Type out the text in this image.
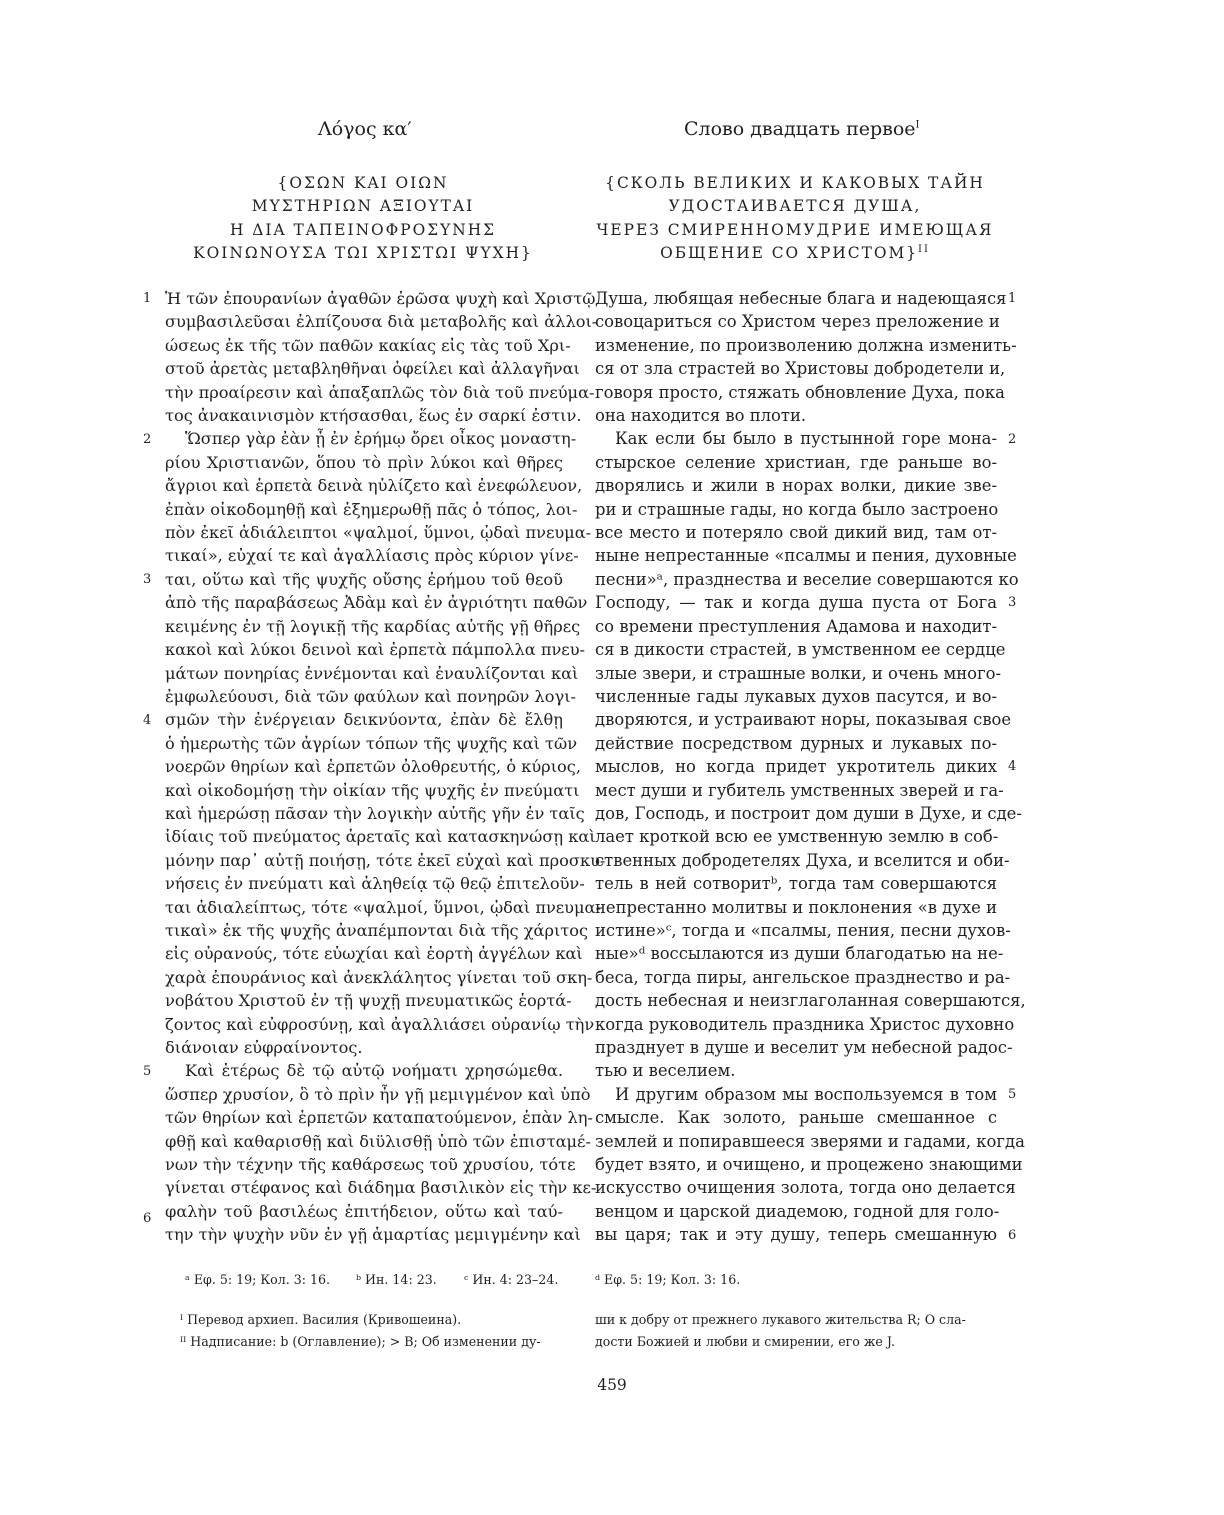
Λόγος κα′
{ΟΣΩΝ ΚΑΙ ΟΙΩΝ
ΜΥΣΤΗΡΙΩΝ ΑΞΙΟΥΤΑΙ
Η ΔΙΑ ΤΑΠΕΙΝΟΦΡΟΣΥΝΗΣ
ΚΟΙΝΩΝΟΥΣΑ ΤΩΙ ΧΡΙΣΤΩΙ ΨΥΧΗ}
Ἡ τῶν ἐπουρανίων ἀγαθῶν ἐρῶσα ψυχὴ καὶ Χριστῷ
συμβασιλεῦσαι ἐλπίζουσα διὰ μεταβολῆς καὶ ἀλλοι-
ώσεως ἐκ τῆς τῶν παθῶν κακίας εἰς τὰς τοῦ Χρι-
στοῦ ἀρετὰς μεταβληθῆναι ὀφείλει καὶ ἀλλαγῆναι
τὴν προαίρεσιν καὶ ἁπαξαπλῶς τὸν διὰ τοῦ πνεύμα-
τος ἀνακαινισμὸν κτήσασθαι, ἕως ἐν σαρκί ἐστιν.
Ὥσπερ γὰρ ἐὰν ᾖ ἐν ἐρήμῳ ὄρει οἶκος μοναστη-
ρίου Χριστιανῶν, ὅπου τὸ πρὶν λύκοι καὶ θῆρες
ἄγριοι καὶ ἑρπετὰ δεινὰ ηὐλίζετο καὶ ἐνεφώλευον,
ἐπὰν οἰκοδομηθῇ καὶ ἐξημερωθῇ πᾶς ὁ τόπος, λοι-
πὸν ἐκεῖ ἀδιάλειπτοι «ψαλμοί, ὕμνοι, ᾠδαὶ πνευμα-
τικαί», εὐχαί τε καὶ ἀγαλλίασις πρὸς κύριον γίνε-
ται, οὕτω καὶ τῆς ψυχῆς οὔσης ἐρήμου τοῦ θεοῦ
ἀπὸ τῆς παραβάσεως Ἀδὰμ καὶ ἐν ἀγριότητι παθῶν
κειμένης ἐν τῇ λογικῇ τῆς καρδίας αὐτῆς γῇ θῆρες
κακοὶ καὶ λύκοι δεινοὶ καὶ ἑρπετὰ πάμπολλα πνευ-
μάτων πονηρίας ἐννέμονται καὶ ἐναυλίζονται καὶ
ἐμφωλεύουσι, διὰ τῶν φαύλων καὶ πονηρῶν λογι-
σμῶν τὴν ἐνέργειαν δεικνύοντα, ἐπὰν δὲ ἔλθῃ
ὁ ἡμερωτὴς τῶν ἀγρίων τόπων τῆς ψυχῆς καὶ τῶν
νοερῶν θηρίων καὶ ἑρπετῶν ὀλοθρευτής, ὁ κύριος,
καὶ οἰκοδομήσῃ τὴν οἰκίαν τῆς ψυχῆς ἐν πνεύματι
καὶ ἡμερώσῃ πᾶσαν τὴν λογικὴν αὐτῆς γῆν ἐν ταῖς
ἰδίαις τοῦ πνεύματος ἀρεταῖς καὶ κατασκηνώσῃ καὶ
μόνην παρ᾽ αὐτῇ ποιήσῃ, τότε ἐκεῖ εὐχαὶ καὶ προσκυ-
νήσεις ἐν πνεύματι καὶ ἀληθείᾳ τῷ θεῷ ἐπιτελοῦν-
ται ἀδιαλείπτως, τότε «ψαλμοί, ὕμνοι, ᾠδαὶ πνευμα-
τικαὶ» ἐκ τῆς ψυχῆς ἀναπέμπονται διὰ τῆς χάριτος
εἰς οὐρανούς, τότε εὐωχίαι καὶ ἑορτὴ ἀγγέλων καὶ
χαρὰ ἐπουράνιος καὶ ἀνεκλάλητος γίνεται τοῦ σκη-
νοβάτου Χριστοῦ ἐν τῇ ψυχῇ πνευματικῶς ἑορτά-
ζοντος καὶ εὐφροσύνῃ, καὶ ἀγαλλιάσει οὐρανίῳ τὴν
διάνοιαν εὐφραίνοντος.
Καὶ ἑτέρως δὲ τῷ αὐτῷ νοήματι χρησώμεθα.
ὥσπερ χρυσίον, ὃ τὸ πρὶν ἦν γῇ μεμιγμένον καὶ ὑπὸ
τῶν θηρίων καὶ ἑρπετῶν καταπατούμενον, ἐπὰν λη-
φθῇ καὶ καθαρισθῇ καὶ διϋλισθῇ ὑπὸ τῶν ἐπισταμέ-
νων τὴν τέχνην τῆς καθάρσεως τοῦ χρυσίου, τότε
γίνεται στέφανος καὶ διάδημα βασιλικὸν εἰς τὴν κε-
φαλὴν τοῦ βασιλέως ἐπιτήδειον, οὕτω καὶ ταύ-
την τὴν ψυχὴν νῦν ἐν γῇ ἁμαρτίας μεμιγμένην καὶ
1
2
3
4
5
6
Слово двадцать первое$^I$
{СКОЛЬ ВЕЛИКИХ И КАКОВЫХ ТАЙН
УДОСТАИВАЕТСЯ ДУША,
ЧЕРЕЗ СМИРЕННОМУДРИЕ ИМЕЮЩАЯ
ОБЩЕНИЕ СО ХРИСТОМ}$^{II}$
Душа, любящая небесные блага и надеющаяся
совоцариться со Христом через преложение и
изменение, по произволению должна изменить-
ся от зла страстей во Христовы добродетели и,
говоря просто, стяжать обновление Духа, пока
она находится во плоти.
Как если бы было в пустынной горе мона-
стырское селение христиан, где раньше во-
дворялись и жили в норах волки, дикие зве-
ри и страшные гады, но когда было застроено
все место и потеряло свой дикий вид, там от-
ныне непрестанные «псалмы и пения, духовные
песни»ᵃ, празднества и веселие совершаются ко
Господу, — так и когда душа пуста от Бога
со времени преступления Адамова и находит-
ся в дикости страстей, в умственном ее сердце
злые звери, и страшные волки, и очень много-
численные гады лукавых духов пасутся, и во-
дворяются, и устраивают норы, показывая свое
действие посредством дурных и лукавых по-
мыслов, но когда придет укротитель диких
мест души и губитель умственных зверей и га-
дов, Господь, и построит дом души в Духе, и сде-
лает кроткой всю ее умственную землю в соб-
ственных добродетелях Духа, и вселится и оби-
тель в ней сотворитᵇ, тогда там совершаются
непрестанно молитвы и поклонения «в духе и
истине»ᶜ, тогда и «псалмы, пения, песни духов-
ные»ᵈ воссылаются из души благодатью на не-
беса, тогда пиры, ангельское празднество и ра-
дость небесная и неизглаголанная совершаются,
когда руководитель праздника Христос духовно
празднует в душе и веселит ум небесной радос-
тью и веселием.
И другим образом мы воспользуемся в том
смысле. Как золото, раньше смешанное с
землей и попиравшееся зверями и гадами, когда
будет взято, и очищено, и процежено знающими
искусство очищения золота, тогда оно делается
венцом и царской диадемою, годной для голо-
вы царя; так и эту душу, теперь смешанную
1
2
3
4
5
6
ᵃ Εφ. 5: 19; Кол. 3: 16. ᵇ Ин. 14: 23. ᶜ Ин. 4: 23–24.	ᵈ Εφ. 5: 19; Кол. 3: 16.
ᴵ Перевод архиеп. Василия (Кривошеина).
ᴵᴵ Надписание: b (Оглавление); > B; Об изменении ду-
ши к добру от прежнего лукавого жительства R; О сла-
дости Божией и любви и смирении, его же J.
459
